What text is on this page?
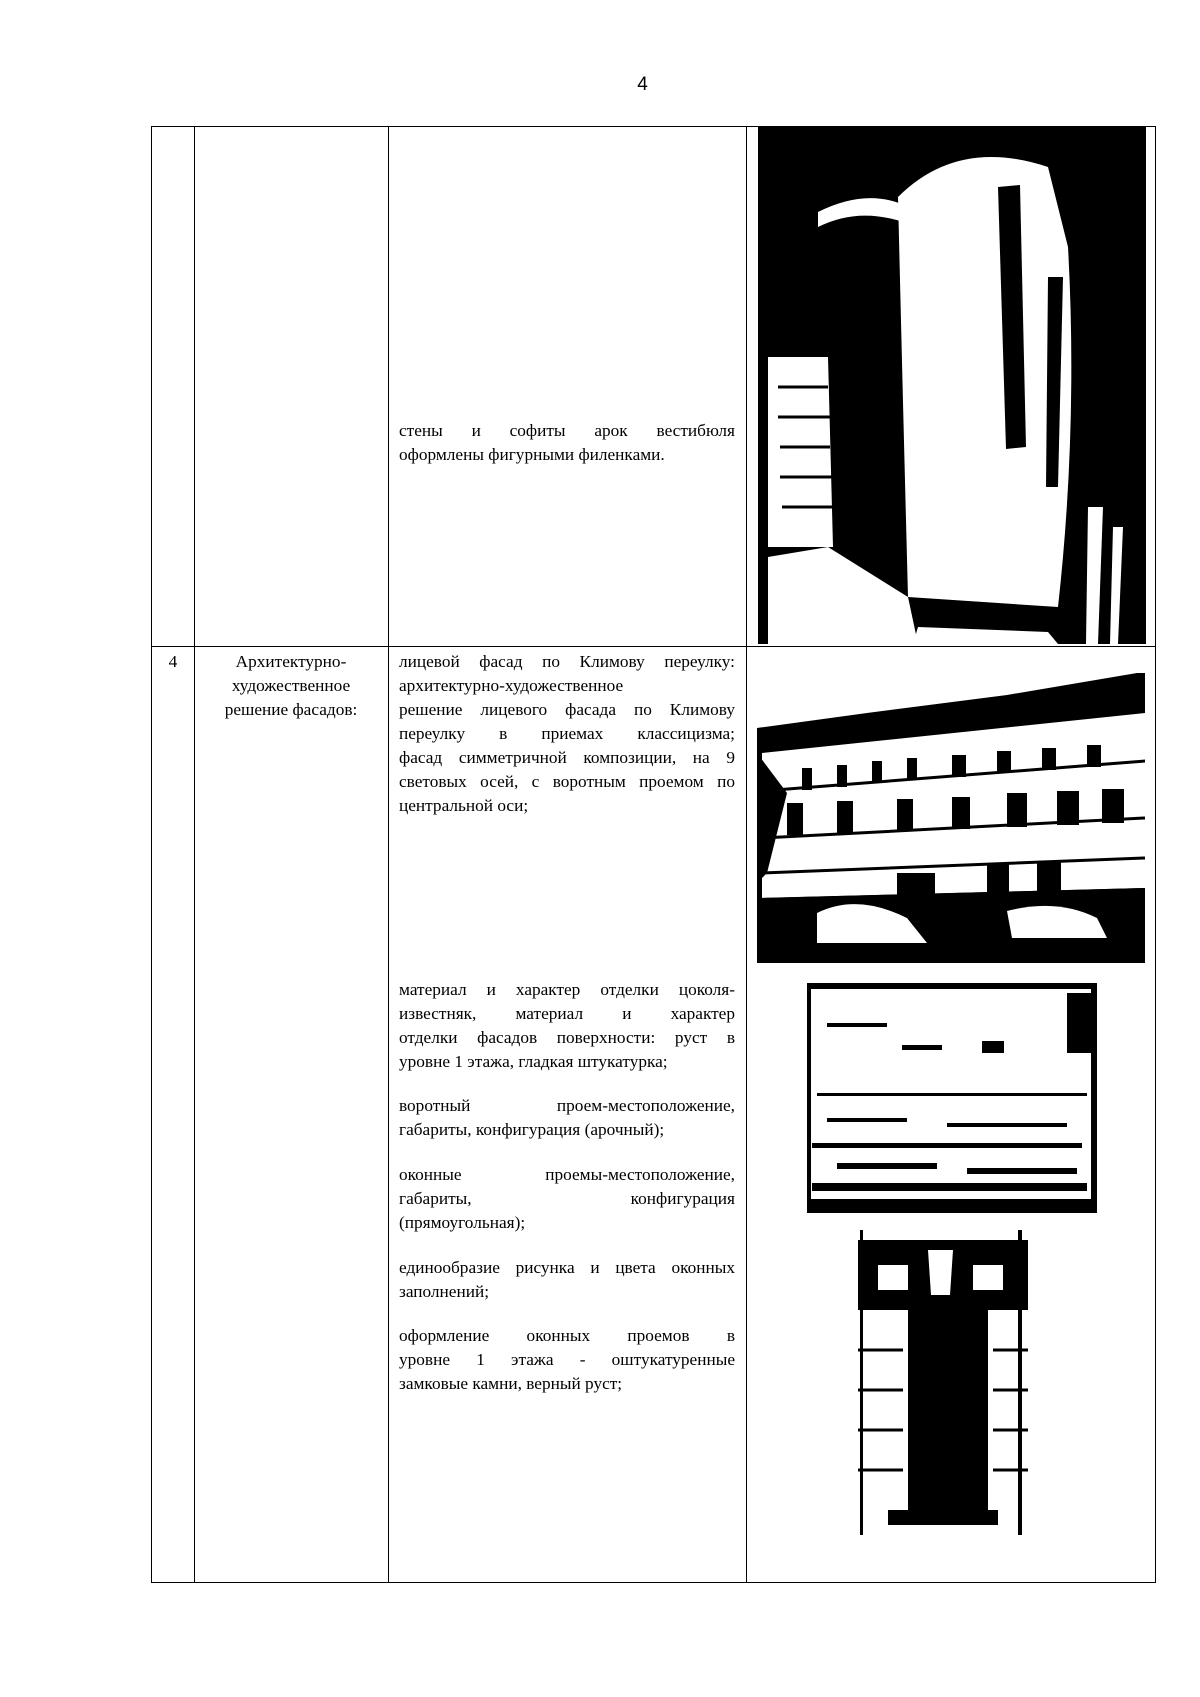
4
стены и софиты арок вестибюля
оформлены фигурными филенками.
4	Архитектурно-
художественное
решение фасадов:
лицевой фасад по Климову переулку:
архитектурно-художественное
решение лицевого фасада по Климову
переулку в приемах классицизма;
фасад симметричной композиции, на 9
световых осей, с воротным проемом по
центральной оси;
материал и характер отделки цоколя-
известняк, материал и характер
отделки фасадов поверхности: руст в
уровне 1 этажа, гладкая штукатурка;
воротный проем-местоположение,
габариты, конфигурация (арочный);
оконные проемы-местоположение,
габариты, конфигурация
(прямоугольная);
единообразие рисунка и цвета оконных
заполнений;
оформление оконных проемов в
уровне 1 этажа - оштукатуренные
замковые камни, верный руст;
